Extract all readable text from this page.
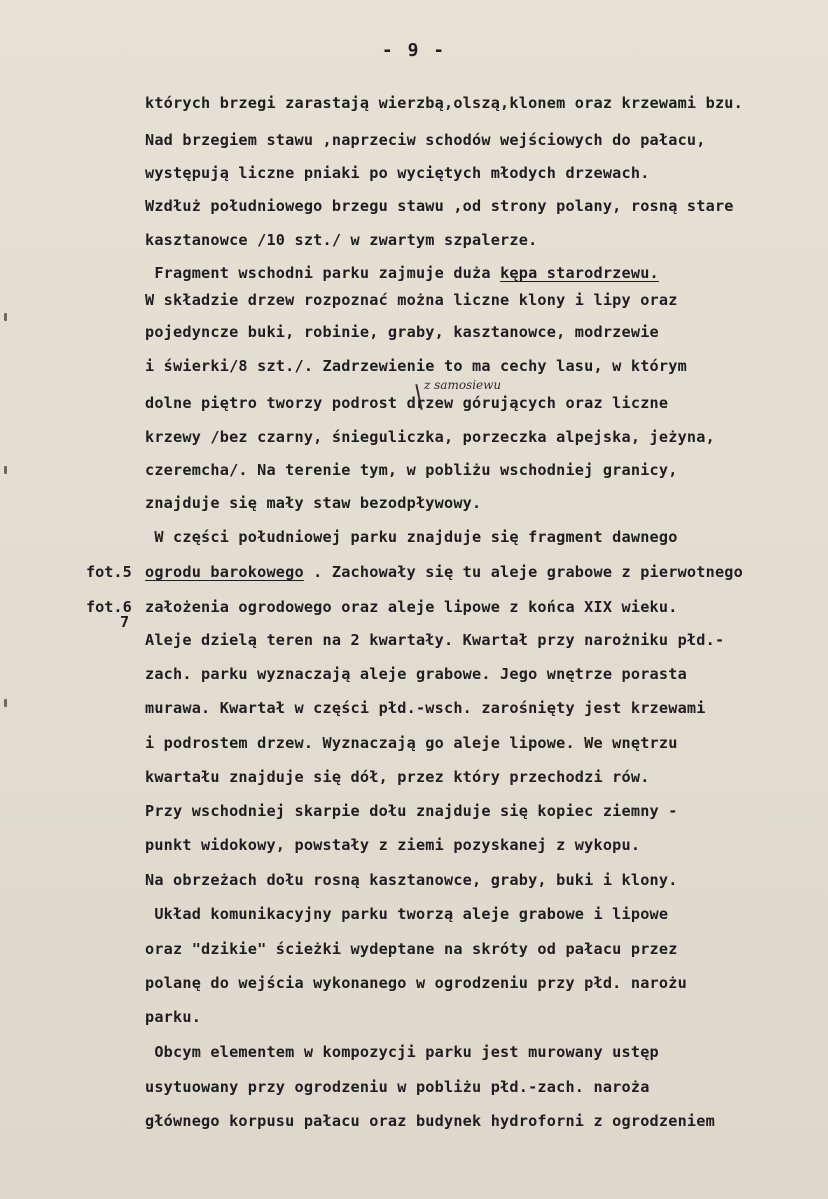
- 9 -
których brzegi zarastają wierzbą,olszą,klonem oraz krzewami bzu.
Nad brzegiem stawu ,naprzeciw schodów wejściowych do pałacu,
występują liczne pniaki po wyciętych młodych drzewach.
Wzdłuż południowego brzegu stawu ,od strony polany, rosną stare
kasztanowce /10 szt./ w zwartym szpalerze.
Fragment wschodni parku zajmuje duża kępa starodrzewu.
W składzie drzew rozpoznać można liczne klony i lipy oraz
pojedyncze buki, robinie, graby, kasztanowce, modrzewie
i świerki/8 szt./. Zadrzewienie to ma cechy lasu, w którym
z samosiewu
dolne piętro tworzy podrost drzew górujących oraz liczne
krzewy /bez czarny, śnieguliczka, porzeczka alpejska, jeżyna,
czeremcha/. Na terenie tym, w pobliżu wschodniej granicy,
znajduje się mały staw bezodpływowy.
W części południowej parku znajduje się fragment dawnego
fot.5 ogrodu barokowego . Zachowały się tu aleje grabowe z pierwotnego
fot.6 założenia ogrodowego oraz aleje lipowe z końca XIX wieku.
7
Aleje dzielą teren na 2 kwartały. Kwartał przy narożniku płd.-
zach. parku wyznaczają aleje grabowe. Jego wnętrze porasta
murawa. Kwartał w części płd.-wsch. zarośnięty jest krzewami
i podrostem drzew. Wyznaczają go aleje lipowe. We wnętrzu
kwartału znajduje się dół, przez który przechodzi rów.
Przy wschodniej skarpie dołu znajduje się kopiec ziemny -
punkt widokowy, powstały z ziemi pozyskanej z wykopu.
Na obrzeżach dołu rosną kasztanowce, graby, buki i klony.
Układ komunikacyjny parku tworzą aleje grabowe i lipowe
oraz "dzikie" ścieżki wydeptane na skróty od pałacu przez
polanę do wejścia wykonanego w ogrodzeniu przy płd. narożu
parku.
Obcym elementem w kompozycji parku jest murowany ustęp
usytuowany przy ogrodzeniu w pobliżu płd.-zach. naroża
głównego korpusu pałacu oraz budynek hydroforni z ogrodzeniem
